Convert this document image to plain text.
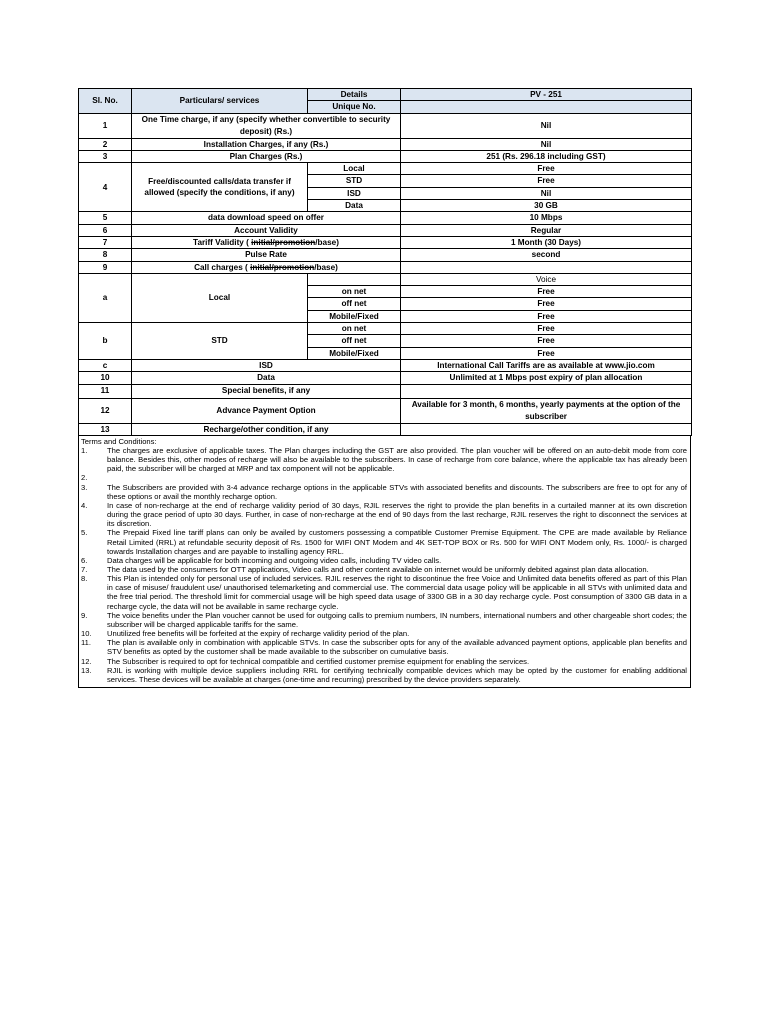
Sl. No.	Particulars/ services	Details	PV - 251
		Unique No.	
1	One Time charge, if any (specify whether convertible to security deposit) (Rs.)		Nil
2	Installation Charges, if any (Rs.)		Nil
3	Plan Charges (Rs.)		251 (Rs. 296.18 including GST)
4	Free/discounted calls/data transfer if allowed (specify the conditions, if any)	Local	Free
		STD	Free
		ISD	Nil
		Data	30 GB
5	data download speed on offer		10 Mbps
6	Account Validity		Regular
7	Tariff Validity ( initial/promotion/base)		1 Month (30 Days)
8	Pulse Rate		second
9	Call charges ( initial/promotion/base)		
a	Local		Voice
		on net	Free
		off net	Free
		Mobile/Fixed	Free
b	STD	on net	Free
		off net	Free
		Mobile/Fixed	Free
c	ISD		International Call Tariffs are as available at www.jio.com
10	Data		Unlimited at 1 Mbps post expiry of plan allocation
11	Special benefits, if any		
12	Advance Payment Option		Available for 3 month, 6 months, yearly payments at the option of the subscriber
13	Recharge/other condition, if any		
Terms and Conditions:
1.	The charges are exclusive of applicable taxes. The Plan charges including the GST are also provided. The plan voucher will be offered on an auto-debit mode from core balance. Besides this, other modes of recharge will also be available to the subscribers. In case of recharge from core balance, where the applicable tax has already been paid, the subscriber will be charged at MRP and tax component will not be applicable.
2.
3.	The Subscribers are provided with 3-4 advance recharge options in the applicable STVs with associated benefits and discounts. The subscribers are free to opt for any of these options or avail the monthly recharge option.
4.	In case of non-recharge at the end of recharge validity period of 30 days, RJIL reserves the right to provide the plan benefits in a curtailed manner at its own discretion during the grace period of upto 30 days. Further, in case of non-recharge at the end of 90 days from the last recharge, RJIL reserves the right to disconnect the services at its discretion.
5.	The Prepaid Fixed line tariff plans can only be availed by customers possessing a compatible Customer Premise Equipment. The CPE are made available by Reliance Retail Limited (RRL) at refundable security deposit of Rs. 1500 for WIFI ONT Modem and 4K SET-TOP BOX or Rs. 500 for WIFI ONT Modem only, Rs. 1000/- is charged towards Installation charges and are payable to installing agency RRL.
6.	Data charges will be applicable for both incoming and outgoing video calls, including TV video calls.
7.	The data used by the consumers for OTT applications, Video calls and other content available on internet would be uniformly debited against plan data allocation.
8.	This Plan is intended only for personal use of included services. RJIL reserves the right to discontinue the free Voice and Unlimited data benefits offered as part of this Plan in case of misuse/ fraudulent use/ unauthorised telemarketing and commercial use. The commercial data usage policy will be applicable in all STVs with unlimited data and the free trial period. The threshold limit for commercial usage will be high speed data usage of 3300 GB in a 30 day recharge cycle. Post consumption of 3300 GB data in a recharge cycle, the data will not be available in same recharge cycle.
9.	The voice benefits under the Plan voucher cannot be used for outgoing calls to premium numbers, IN numbers, international numbers and other chargeable short codes; the subscriber will be charged applicable tariffs for the same.
10.	Unutilized free benefits will be forfeited at the expiry of recharge validity period of the plan.
11.	The plan is available only in combination with applicable STVs. In case the subscriber opts for any of the available advanced payment options, applicable plan benefits and STV benefits as opted by the customer shall be made available to the subscriber on cumulative basis.
12.	The Subscriber is required to opt for technical compatible and certified customer premise equipment for enabling the services.
13.	RJIL is working with multiple device suppliers including RRL for certifying technically compatible devices which may be opted by the customer for enabling additional services. These devices will be available at charges (one-time and recurring) prescribed by the device providers separately.
